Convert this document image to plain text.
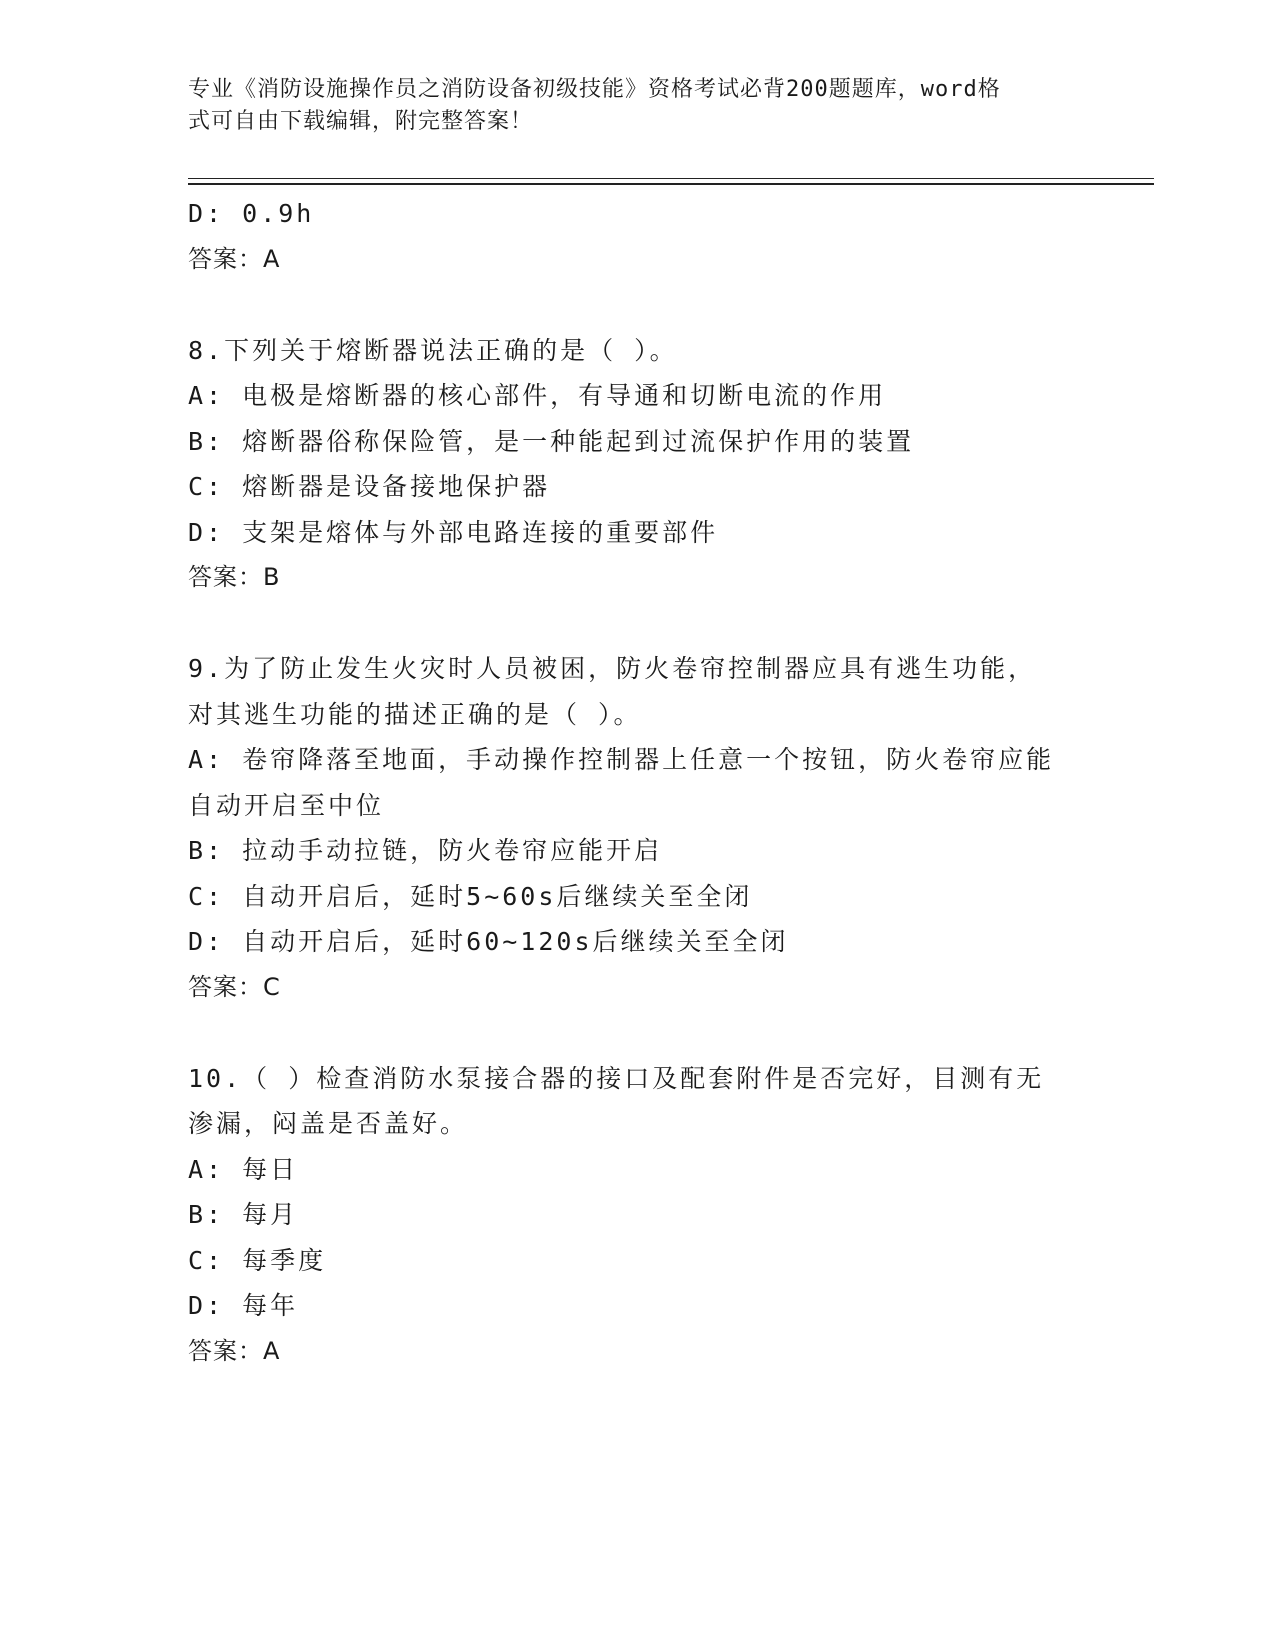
专业《消防设施操作员之消防设备初级技能》资格考试必背200题题库，word格
式可自由下载编辑，附完整答案！
D: 0.9h
答案：A
8.下列关于熔断器说法正确的是（ ）。
A: 电极是熔断器的核心部件，有导通和切断电流的作用
B: 熔断器俗称保险管，是一种能起到过流保护作用的装置
C: 熔断器是设备接地保护器
D: 支架是熔体与外部电路连接的重要部件
答案：B
9.为了防止发生火灾时人员被困，防火卷帘控制器应具有逃生功能，
对其逃生功能的描述正确的是（ ）。
A: 卷帘降落至地面，手动操作控制器上任意一个按钮，防火卷帘应能
自动开启至中位
B: 拉动手动拉链，防火卷帘应能开启
C: 自动开启后，延时5~60s后继续关至全闭
D: 自动开启后，延时60~120s后继续关至全闭
答案：C
10.（ ）检查消防水泵接合器的接口及配套附件是否完好，目测有无
渗漏，闷盖是否盖好。
A: 每日
B: 每月
C: 每季度
D: 每年
答案：A
